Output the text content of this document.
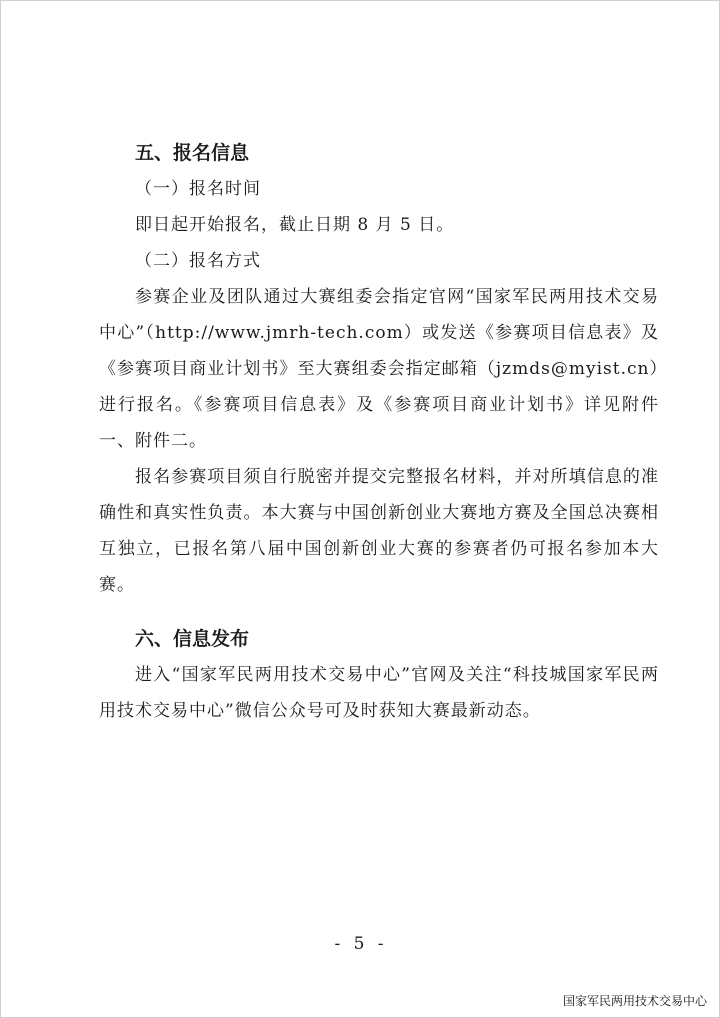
五、报名信息

（一）报名时间

即日起开始报名，截止日期 8 月 5 日。

（二）报名方式

参赛企业及团队通过大赛组委会指定官网“国家军民两用技术交易中心”（http://www.jmrh-tech.com）或发送《参赛项目信息表》及《参赛项目商业计划书》至大赛组委会指定邮箱（jzmds@myist.cn）进行报名。《参赛项目信息表》及《参赛项目商业计划书》详见附件一、附件二。

报名参赛项目须自行脱密并提交完整报名材料，并对所填信息的准确性和真实性负责。本大赛与中国创新创业大赛地方赛及全国总决赛相互独立，已报名第八届中国创新创业大赛的参赛者仍可报名参加本大赛。

六、信息发布

进入“国家军民两用技术交易中心”官网及关注“科技城国家军民两用技术交易中心”微信公众号可及时获知大赛最新动态。

- 5 -
国家军民两用技术交易中心
